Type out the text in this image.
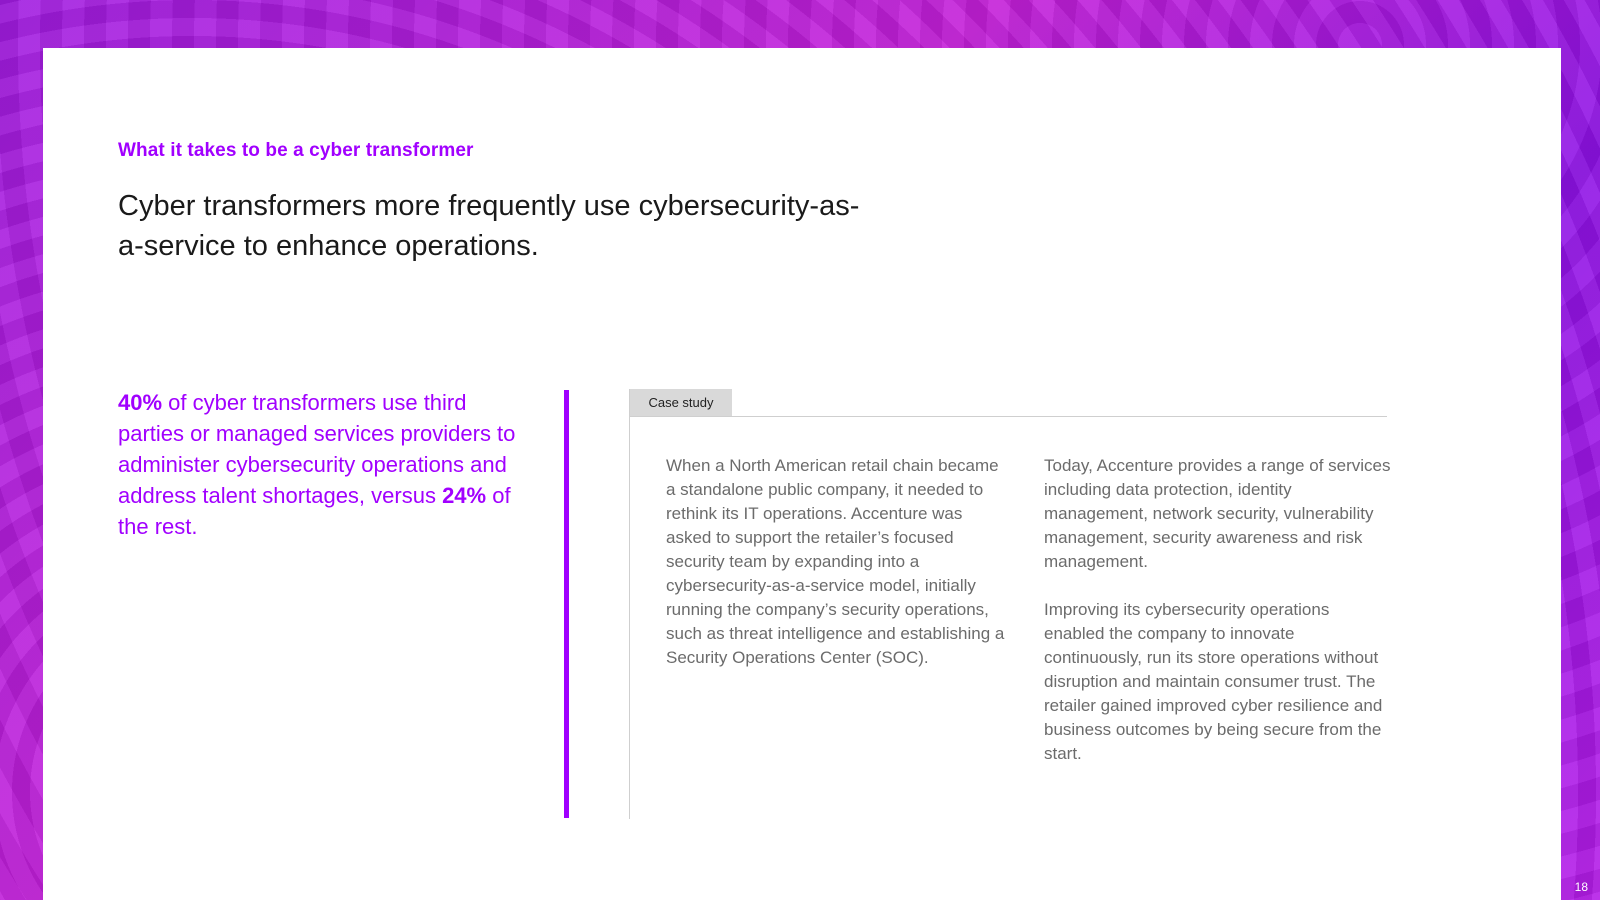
What it takes to be a cyber transformer
Cyber transformers more frequently use cybersecurity-as-a-service to enhance operations.

40% of cyber transformers use third parties or managed services providers to administer cybersecurity operations and address talent shortages, versus 24% of the rest.

Case study

When a North American retail chain became a standalone public company, it needed to rethink its IT operations. Accenture was asked to support the retailer’s focused security team by expanding into a cybersecurity-as-a-service model, initially running the company’s security operations, such as threat intelligence and establishing a Security Operations Center (SOC).

Today, Accenture provides a range of services including data protection, identity management, network security, vulnerability management, security awareness and risk management.

Improving its cybersecurity operations enabled the company to innovate continuously, run its store operations without disruption and maintain consumer trust. The retailer gained improved cyber resilience and business outcomes by being secure from the start.

18
